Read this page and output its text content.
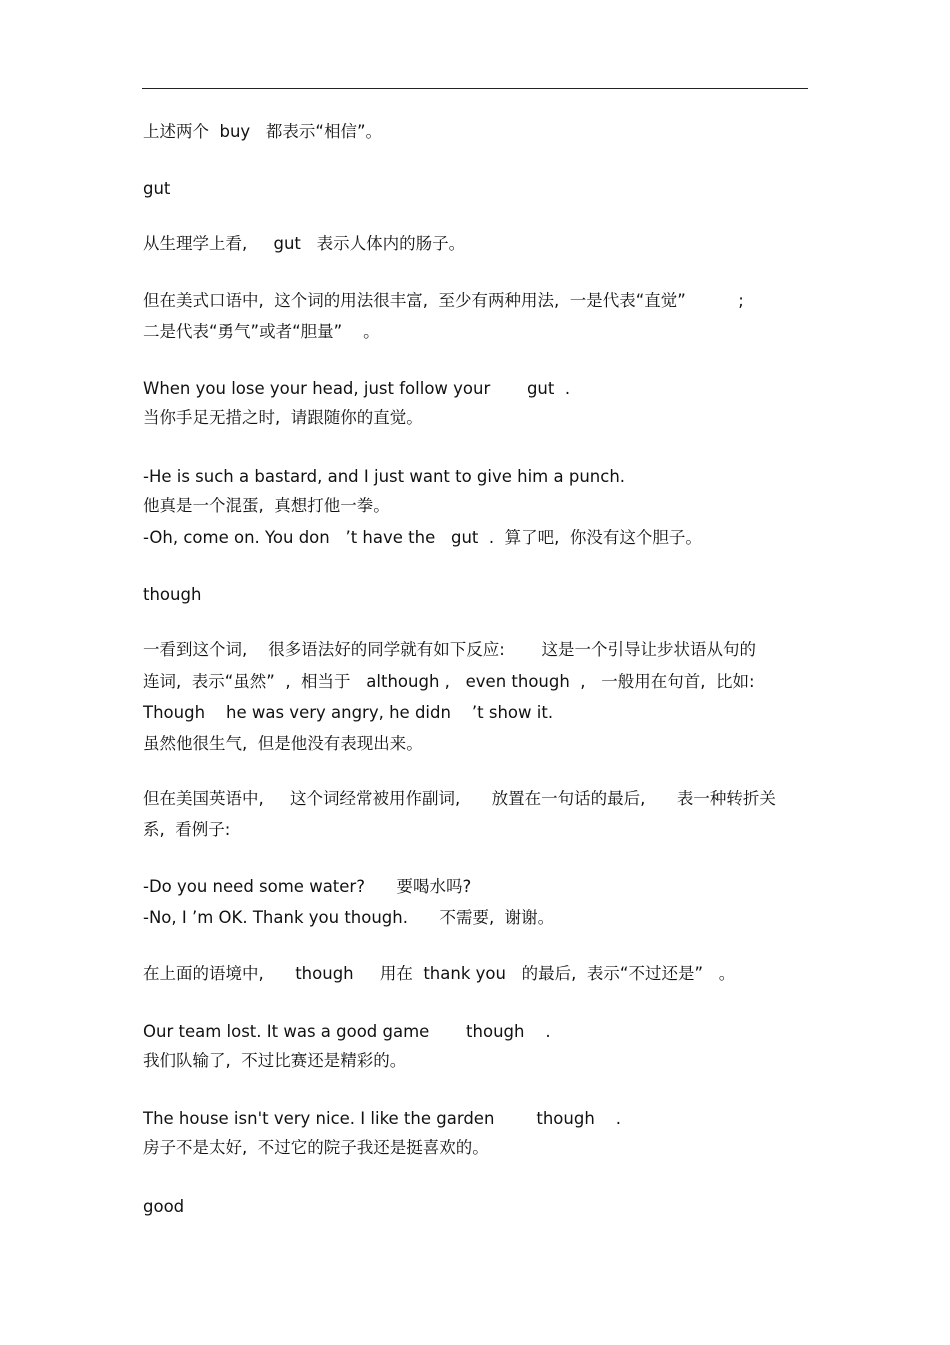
上述两个  buy   都表示“相信”。
gut
从生理学上看,     gut   表示人体内的肠子。
但在美式口语中,  这个词的用法很丰富,  至少有两种用法,  一是代表“直觉”          ;
二是代表“勇气”或者“胆量”    。
When you lose your head, just follow your       gut  .
当你手足无措之时,  请跟随你的直觉。
-He is such a bastard, and I just want to give him a punch.
他真是一个混蛋,  真想打他一拳。
-Oh, come on. You don   ’t have the   gut  .  算了吧,  你没有这个胆子。
though
一看到这个词,    很多语法好的同学就有如下反应:       这是一个引导让步状语从句的
连词,  表示“虽然”  ,  相当于   although ,   even though  ,   一般用在句首,  比如:
Though    he was very angry, he didn    ’t show it.
虽然他很生气,  但是他没有表现出来。
但在美国英语中,     这个词经常被用作副词,      放置在一句话的最后,      表一种转折关
系,  看例子:
-Do you need some water?      要喝水吗?
-No, I ’m OK. Thank you though.      不需要,  谢谢。
在上面的语境中,      though     用在  thank you   的最后,  表示“不过还是”   。
Our team lost. It was a good game       though    .
我们队输了,  不过比赛还是精彩的。
The house isn't very nice. I like the garden        though    .
房子不是太好,  不过它的院子我还是挺喜欢的。
good
